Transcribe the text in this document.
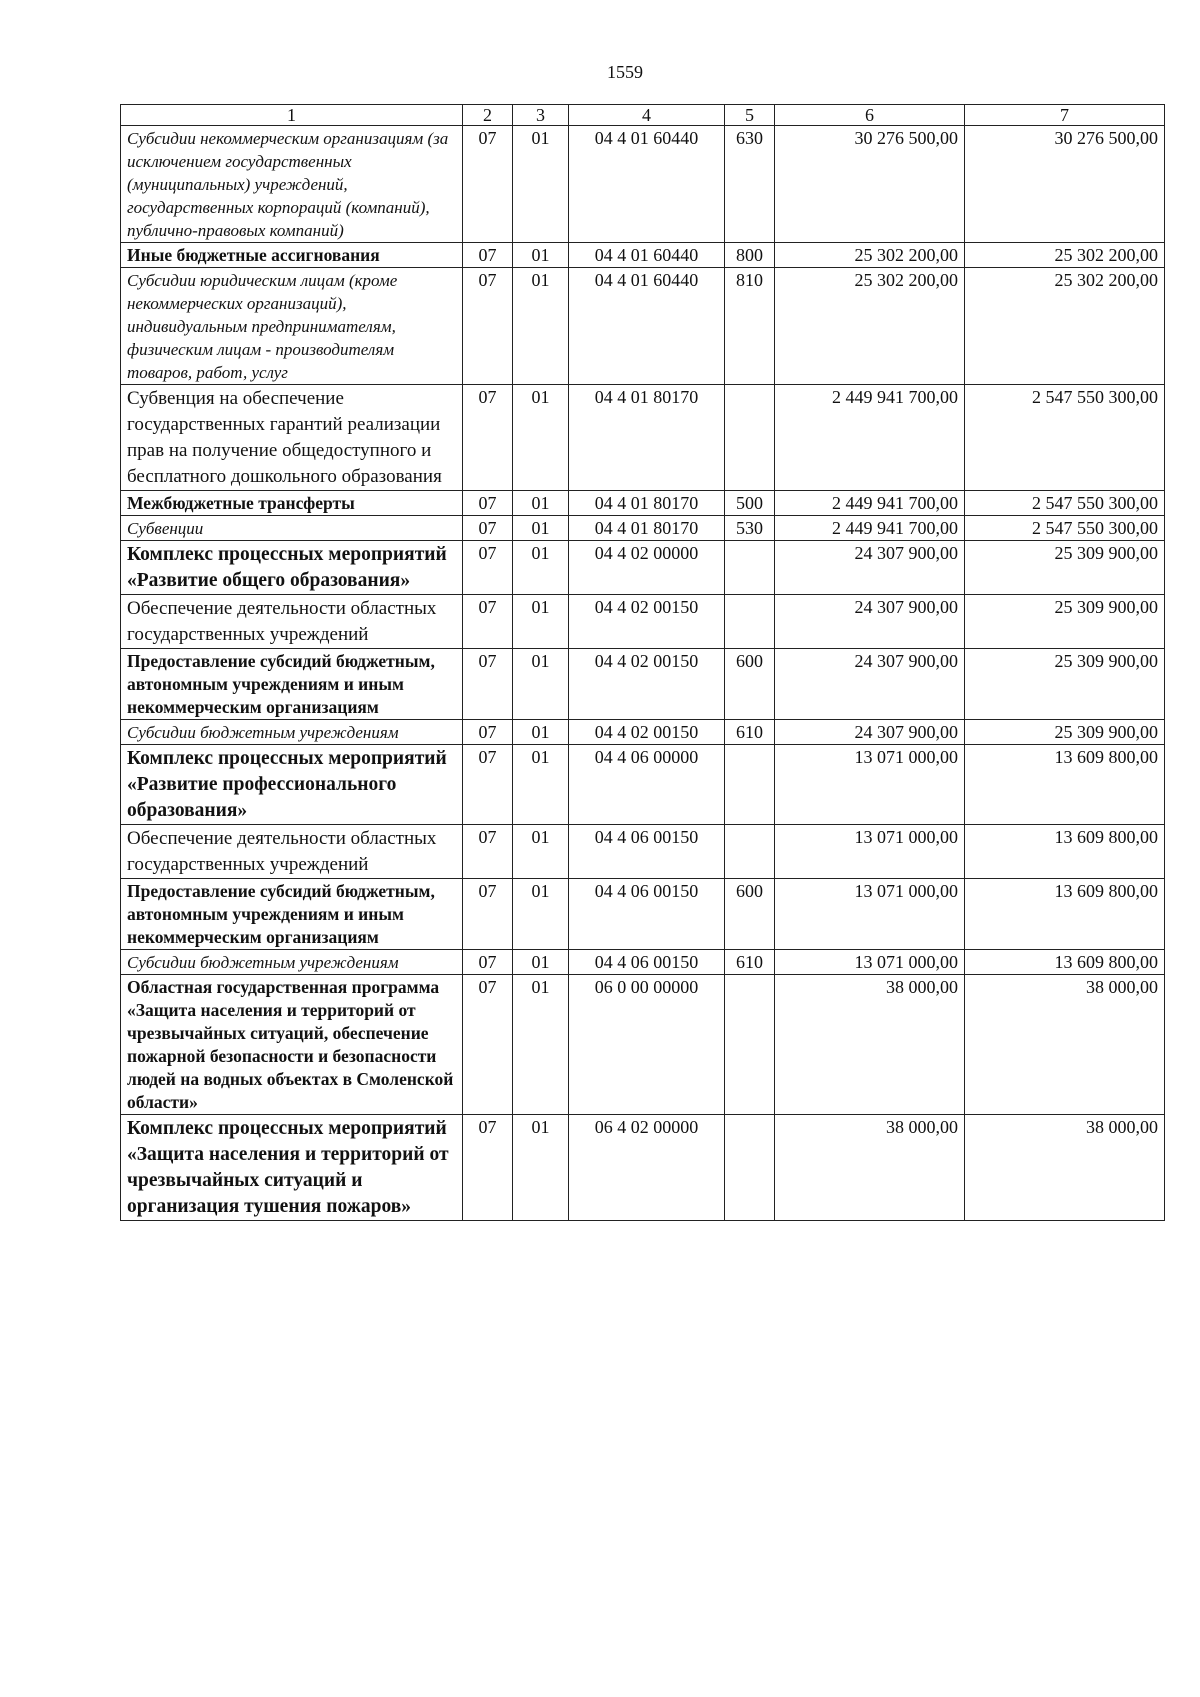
1559
1	2	3	4	5	6	7
Субсидии некоммерческим организациям (за исключением государственных (муниципальных) учреждений, государственных корпораций (компаний), публично-правовых компаний)	07	01	04 4 01 60440	630	30 276 500,00	30 276 500,00
Иные бюджетные ассигнования	07	01	04 4 01 60440	800	25 302 200,00	25 302 200,00
Субсидии юридическим лицам (кроме некоммерческих организаций), индивидуальным предпринимателям, физическим лицам - производителям товаров, работ, услуг	07	01	04 4 01 60440	810	25 302 200,00	25 302 200,00
Субвенция на обеспечение государственных гарантий реализации прав на получение общедоступного и бесплатного дошкольного образования	07	01	04 4 01 80170		2 449 941 700,00	2 547 550 300,00
Межбюджетные трансферты	07	01	04 4 01 80170	500	2 449 941 700,00	2 547 550 300,00
Субвенции	07	01	04 4 01 80170	530	2 449 941 700,00	2 547 550 300,00
Комплекс процессных мероприятий «Развитие общего образования»	07	01	04 4 02 00000		24 307 900,00	25 309 900,00
Обеспечение деятельности областных государственных учреждений	07	01	04 4 02 00150		24 307 900,00	25 309 900,00
Предоставление субсидий бюджетным, автономным учреждениям и иным некоммерческим организациям	07	01	04 4 02 00150	600	24 307 900,00	25 309 900,00
Субсидии бюджетным учреждениям	07	01	04 4 02 00150	610	24 307 900,00	25 309 900,00
Комплекс процессных мероприятий «Развитие профессионального образования»	07	01	04 4 06 00000		13 071 000,00	13 609 800,00
Обеспечение деятельности областных государственных учреждений	07	01	04 4 06 00150		13 071 000,00	13 609 800,00
Предоставление субсидий бюджетным, автономным учреждениям и иным некоммерческим организациям	07	01	04 4 06 00150	600	13 071 000,00	13 609 800,00
Субсидии бюджетным учреждениям	07	01	04 4 06 00150	610	13 071 000,00	13 609 800,00
Областная государственная программа «Защита населения и территорий от чрезвычайных ситуаций, обеспечение пожарной безопасности и безопасности людей на водных объектах в Смоленской области»	07	01	06 0 00 00000		38 000,00	38 000,00
Комплекс процессных мероприятий «Защита населения и территорий от чрезвычайных ситуаций и организация тушения пожаров»	07	01	06 4 02 00000		38 000,00	38 000,00
